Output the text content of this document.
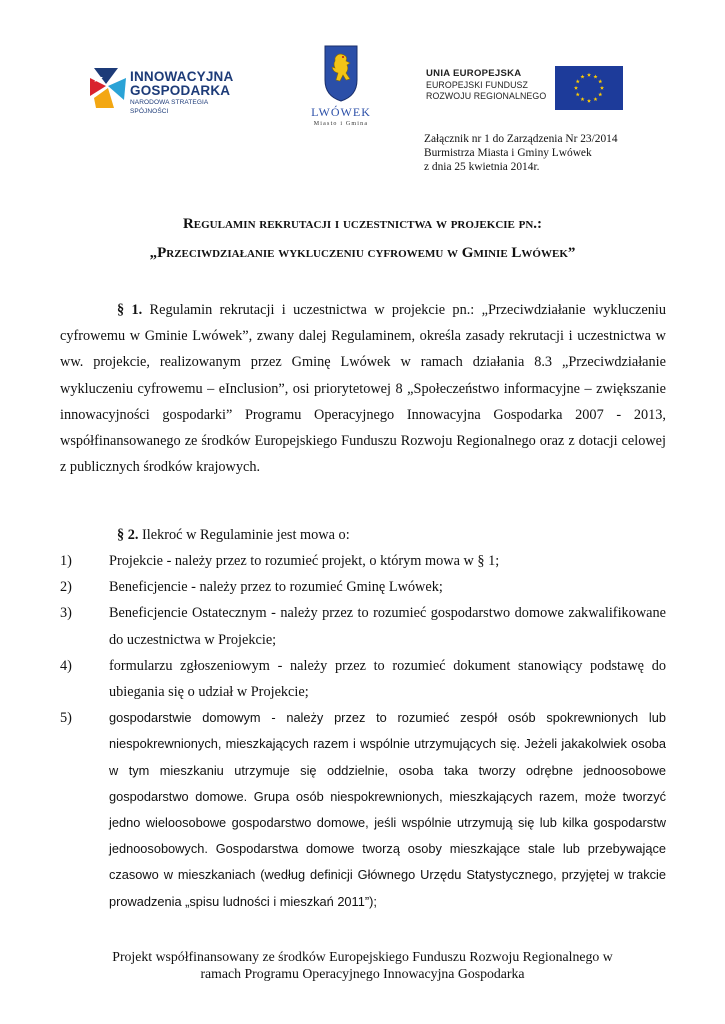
INNOWACYJNA
GOSPODARKA
NARODOWA STRATEGIA SPÓJNOŚCI	LWÓWEK
Miasto i Gmina
UNIA EUROPEJSKA
EUROPEJSKI FUNDUSZ
ROZWOJU REGIONALNEGO
Załącznik nr 1 do Zarządzenia Nr 23/2014
Burmistrza Miasta i Gminy Lwówek
z dnia 25 kwietnia 2014r.
Regulamin rekrutacji i uczestnictwa w projekcie pn.:
„Przeciwdziałanie wykluczeniu cyfrowemu w Gminie Lwówek”
§ 1. Regulamin rekrutacji i uczestnictwa w projekcie pn.: „Przeciwdziałanie wykluczeniu cyfrowemu w Gminie Lwówek”, zwany dalej Regulaminem, określa zasady rekrutacji i uczestnictwa w ww. projekcie, realizowanym przez Gminę Lwówek w ramach działania 8.3 „Przeciwdziałanie wykluczeniu cyfrowemu – eInclusion”, osi priorytetowej 8 „Społeczeństwo informacyjne – zwiększanie innowacyjności gospodarki” Programu Operacyjnego Innowacyjna Gospodarka 2007 - 2013, współfinansowanego ze środków Europejskiego Funduszu Rozwoju Regionalnego oraz z dotacji celowej z publicznych środków krajowych.
§ 2. Ilekroć w Regulaminie jest mowa o:
1)	Projekcie - należy przez to rozumieć projekt, o którym mowa w § 1;
2)	Beneficjencie - należy przez to rozumieć Gminę Lwówek;
3)	Beneficjencie Ostatecznym - należy przez to rozumieć gospodarstwo domowe zakwalifikowane do uczestnictwa w Projekcie;
4)	formularzu zgłoszeniowym - należy przez to rozumieć dokument stanowiący podstawę do ubiegania się o udział w Projekcie;
5)	gospodarstwie domowym - należy przez to rozumieć zespół osób spokrewnionych lub niespokrewnionych, mieszkających razem i wspólnie utrzymujących się. Jeżeli jakakolwiek osoba w tym mieszkaniu utrzymuje się oddzielnie, osoba taka tworzy odrębne jednoosobowe gospodarstwo domowe. Grupa osób niespokrewnionych, mieszkających razem, może tworzyć jedno wieloosobowe gospodarstwo domowe, jeśli wspólnie utrzymują się lub kilka gospodarstw jednoosobowych. Gospodarstwa domowe tworzą osoby mieszkające stale lub przebywające czasowo w mieszkaniach (według definicji Głównego Urzędu Statystycznego, przyjętej w trakcie prowadzenia „spisu ludności i mieszkań 2011”);
Projekt współfinansowany ze środków Europejskiego Funduszu Rozwoju Regionalnego w
ramach Programu Operacyjnego Innowacyjna Gospodarka
